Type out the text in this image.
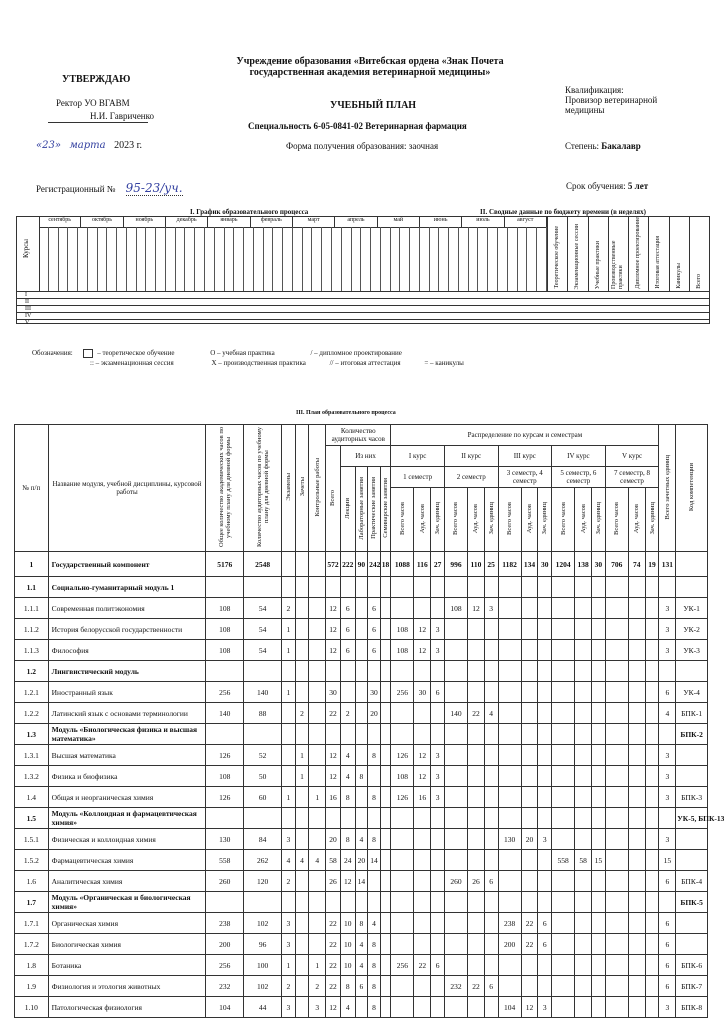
Учреждение образования «Витебская ордена «Знак Почета
государственная академия ветеринарной медицины»
УТВЕРЖДАЮ
Ректор УО ВГАВМ
Н.И. Гавриченко
«23» марта 2023 г.
УЧЕБНЫЙ ПЛАН
Специальность 6-05-0841-02 Ветеринарная фармация
Форма получения образования: заочная
Квалификация:
Провизор ветеринарной медицины
Степень: Бакалавр
Регистрационный № 95-23/уч.	Срок обучения: 5 лет
I. График образовательного процесса	II. Сводные данные по бюджету времени (в неделях)
Курсы
сентябрь	октябрь	ноябрь	декабрь	январь	февраль	март	апрель	май	июнь	июль	август
Теоретическое обучение Экзаменационные сессии Учебные практики Производственные практики Дипломное проектирование Итоговая аттестация Каникулы Всего
I
II
III
IV
V
Обозначения:	– теоретическое обучение	О – учебная практика	/ – дипломное проектирование
:: – экзаменационная сессия	Х – производственная практика	// – итоговая аттестация	= – каникулы
III. План образовательного процесса
№ п/п	Название модуля, учебной дисциплины, курсовой работы	Общее количество академических часов по учебному плану для дневной формы	Количество аудиторных часов по учебному плану для дневной формы	Экзамены	Зачеты	Контрольные работы	Количество аудиторных часов					Распределение по курсам и семестрам															Всего зачетных единиц	Код компетенции
							Всего	Из них				I курс			II курс			III курс			IV курс			V курс				
								Лекции	Лабораторные занятия	Практические занятия	Семинарские занятия	1 семестр			2 семестр			3 семестр, 4 семестр			5 семестр, 6 семестр			7 семестр, 8 семестр				
												Всего часов	Ауд. часов	Зач. единиц	Всего часов	Ауд. часов	Зач. единиц	Всего часов	Ауд. часов	Зач. единиц	Всего часов	Ауд. часов	Зач. единиц	Всего часов	Ауд. часов	Зач. единиц		
1	Государственный компонент	5176	2548				572	222	90	242	18	1088	116	27	996	110	25	1182	134	30	1204	138	30	706	74	19	131	
1.1	Социально-гуманитарный модуль 1																											
1.1.1	Современная политэкономия	108	54	2			12	6		6					108	12	3										3	УК-1
1.1.2	История белорусской государственности	108	54	1			12	6		6		108	12	3													3	УК-2
1.1.3	Философия	108	54	1			12	6		6		108	12	3													3	УК-3
1.2	Лингвистический модуль																											
1.2.1	Иностранный язык	256	140	1			30			30		256	30	6													6	УК-4
1.2.2	Латинский язык с основами терминологии	140	88		2		22	2		20					140	22	4										4	БПК-1
1.3	Модуль «Биологическая физика и высшая математика»																											БПК-2
1.3.1	Высшая математика	126	52		1		12	4		8		126	12	3													3	
1.3.2	Физика и биофизика	108	50		1		12	4	8			108	12	3													3	
1.4	Общая и неорганическая химия	126	60	1		1	16	8		8		126	16	3													3	БПК-3
1.5	Модуль «Коллоидная и фармацевтическая химия»																											УК-5, БПК-13
1.5.1	Физическая и коллоидная химия	130	84	3			20	8	4	8								130	20	3							3	
1.5.2	Фармацевтическая химия	558	262	4	4	4	58	24	20	14											558	58	15				15	
1.6	Аналитическая химия	260	120	2			26	12	14						260	26	6										6	БПК-4
1.7	Модуль «Органическая и биологическая химия»																											БПК-5
1.7.1	Органическая химия	238	102	3			22	10	8	4								238	22	6							6	
1.7.2	Биологическая химия	200	96	3			22	10	4	8								200	22	6							6	
1.8	Ботаника	256	100	1		1	22	10	4	8		256	22	6													6	БПК-6
1.9	Физиология и этология животных	232	102	2		2	22	8	6	8					232	22	6										6	БПК-7
1.10	Патологическая физиология	104	44	3		3	12	4		8								104	12	3							3	БПК-8
